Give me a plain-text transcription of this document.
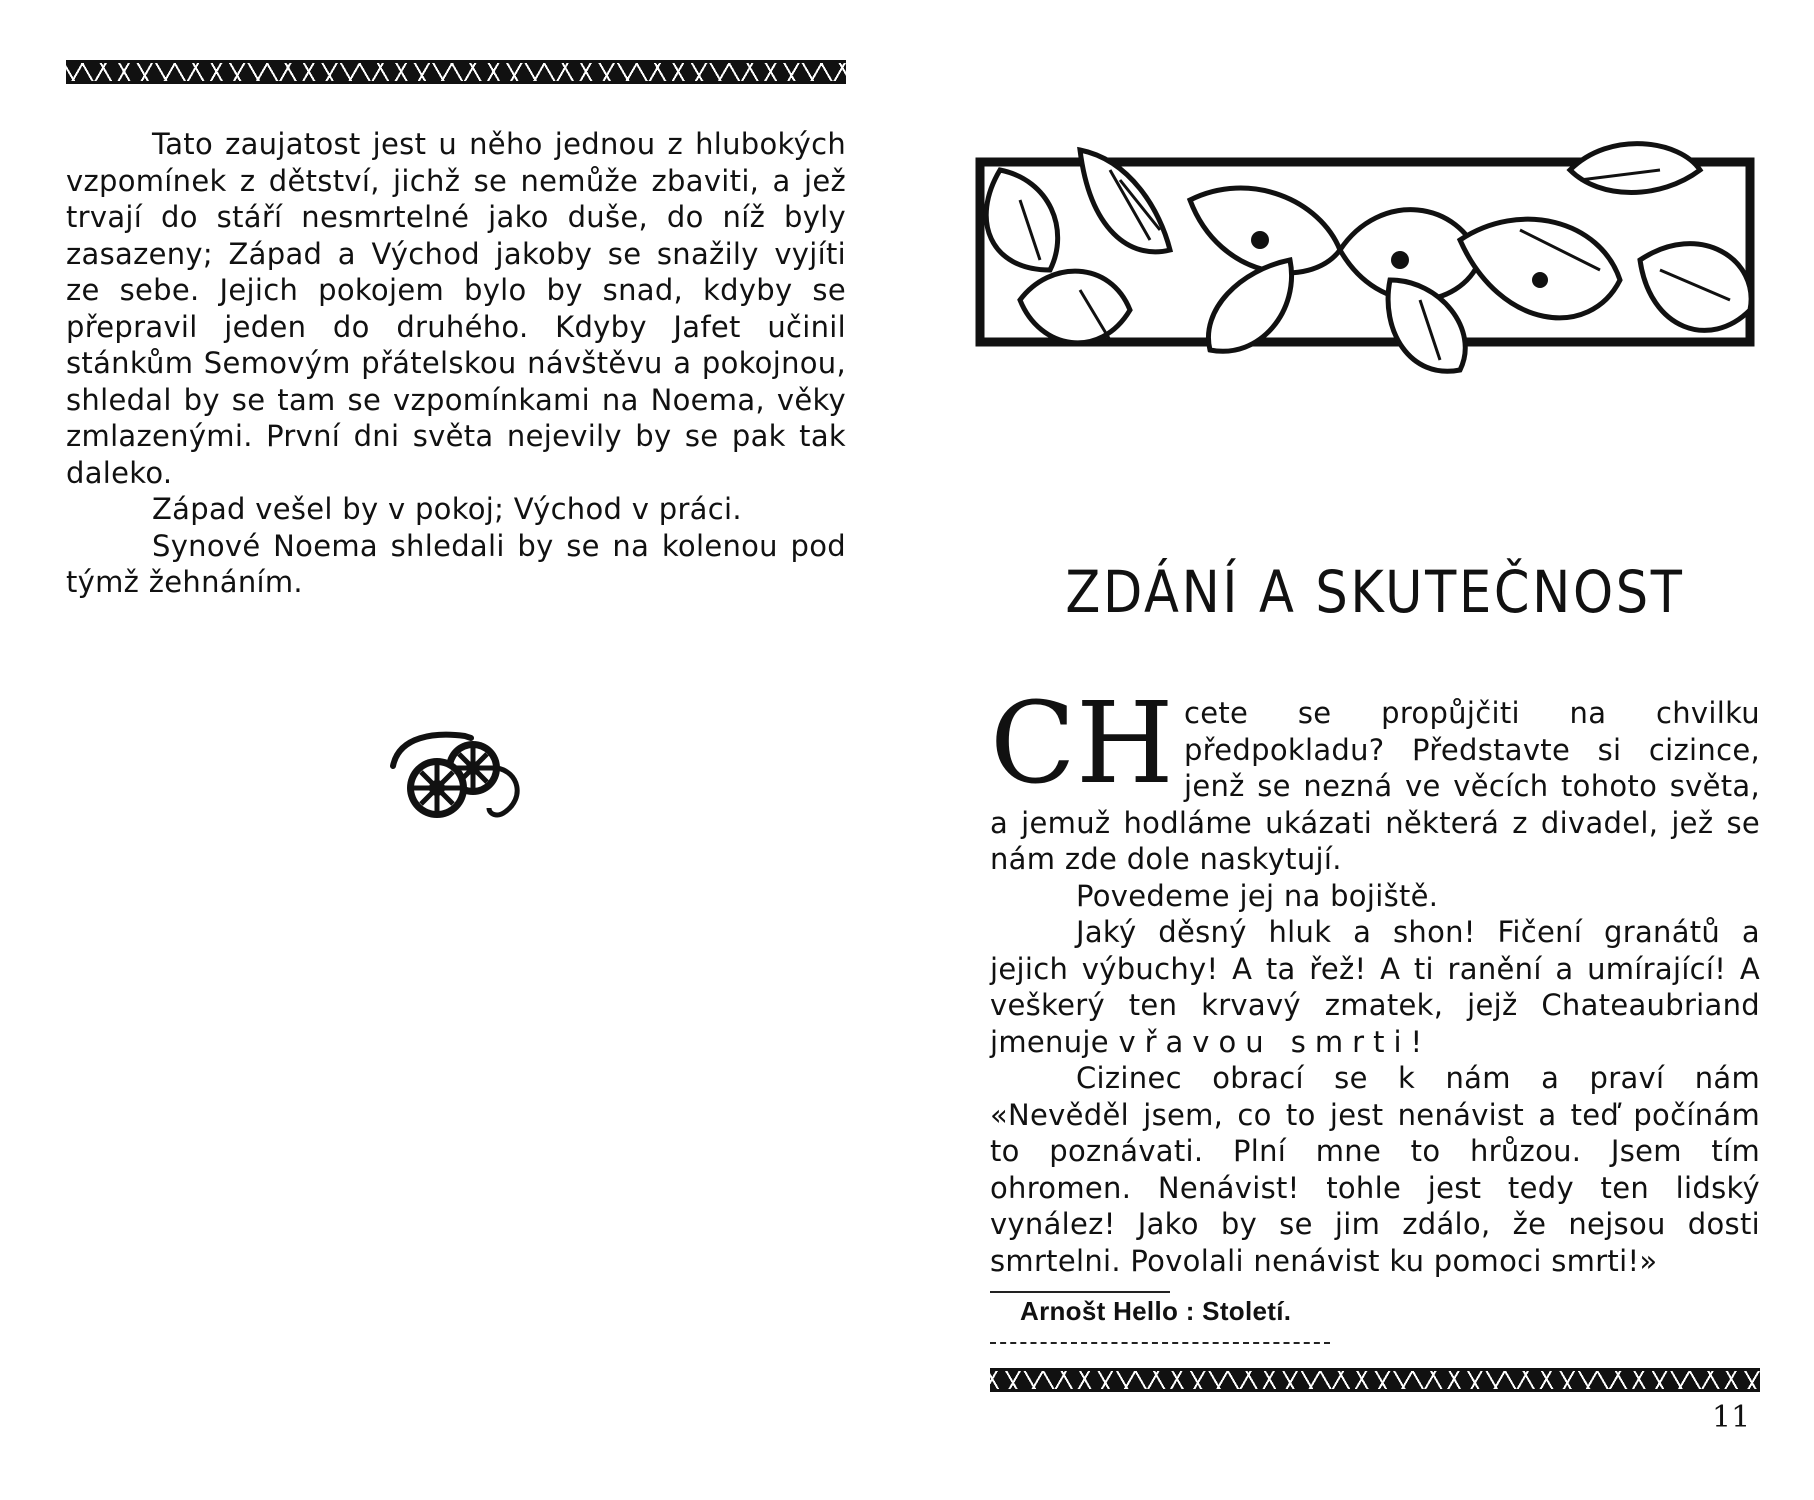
Tato zaujatost jest u něho jednou z hlubokých vzpomínek z dětství, jichž se nemůže zbaviti, a jež trvají do stáří nesmrtelné jako duše, do níž byly zasazeny; Západ a Východ jakoby se snažily vyjíti ze sebe. Jejich pokojem bylo by snad, kdyby se přepravil jeden do druhého. Kdyby Jafet učinil stánkům Semovým přátelskou návštěvu a pokojnou, shledal by se tam se vzpomínkami na Noema, věky zmlazenými. První dni světa nejevily by se pak tak daleko.

Západ vešel by v pokoj; Východ v práci.

Synové Noema shledali by se na kolenou pod týmž žehnáním.	ZDÁNÍ A SKUTEČNOST

CH cete se propůjčiti na chvilku předpokladu? Představte si cizince, jenž se nezná ve věcích tohoto světa, a jemuž hodláme ukázati některá z divadel, jež se nám zde dole naskytují.

Povedeme jej na bojiště.

Jaký děsný hluk a shon! Fičení granátů a jejich výbuchy! A ta řež! A ti ranění a umírající! A veškerý ten krvavý zmatek, jejž Chateaubriand jmenuje vřavou smrti!

Cizinec obrací se k nám a praví nám «Nevěděl jsem, co to jest nenávist a teď počínám to poznávati. Plní mne to hrůzou. Jsem tím ohromen. Nenávist! tohle jest tedy ten lidský vynález! Jako by se jim zdálo, že nejsou dosti smrtelni. Povolali nenávist ku pomoci smrti!»

Arnošt Hello : Století.
11
